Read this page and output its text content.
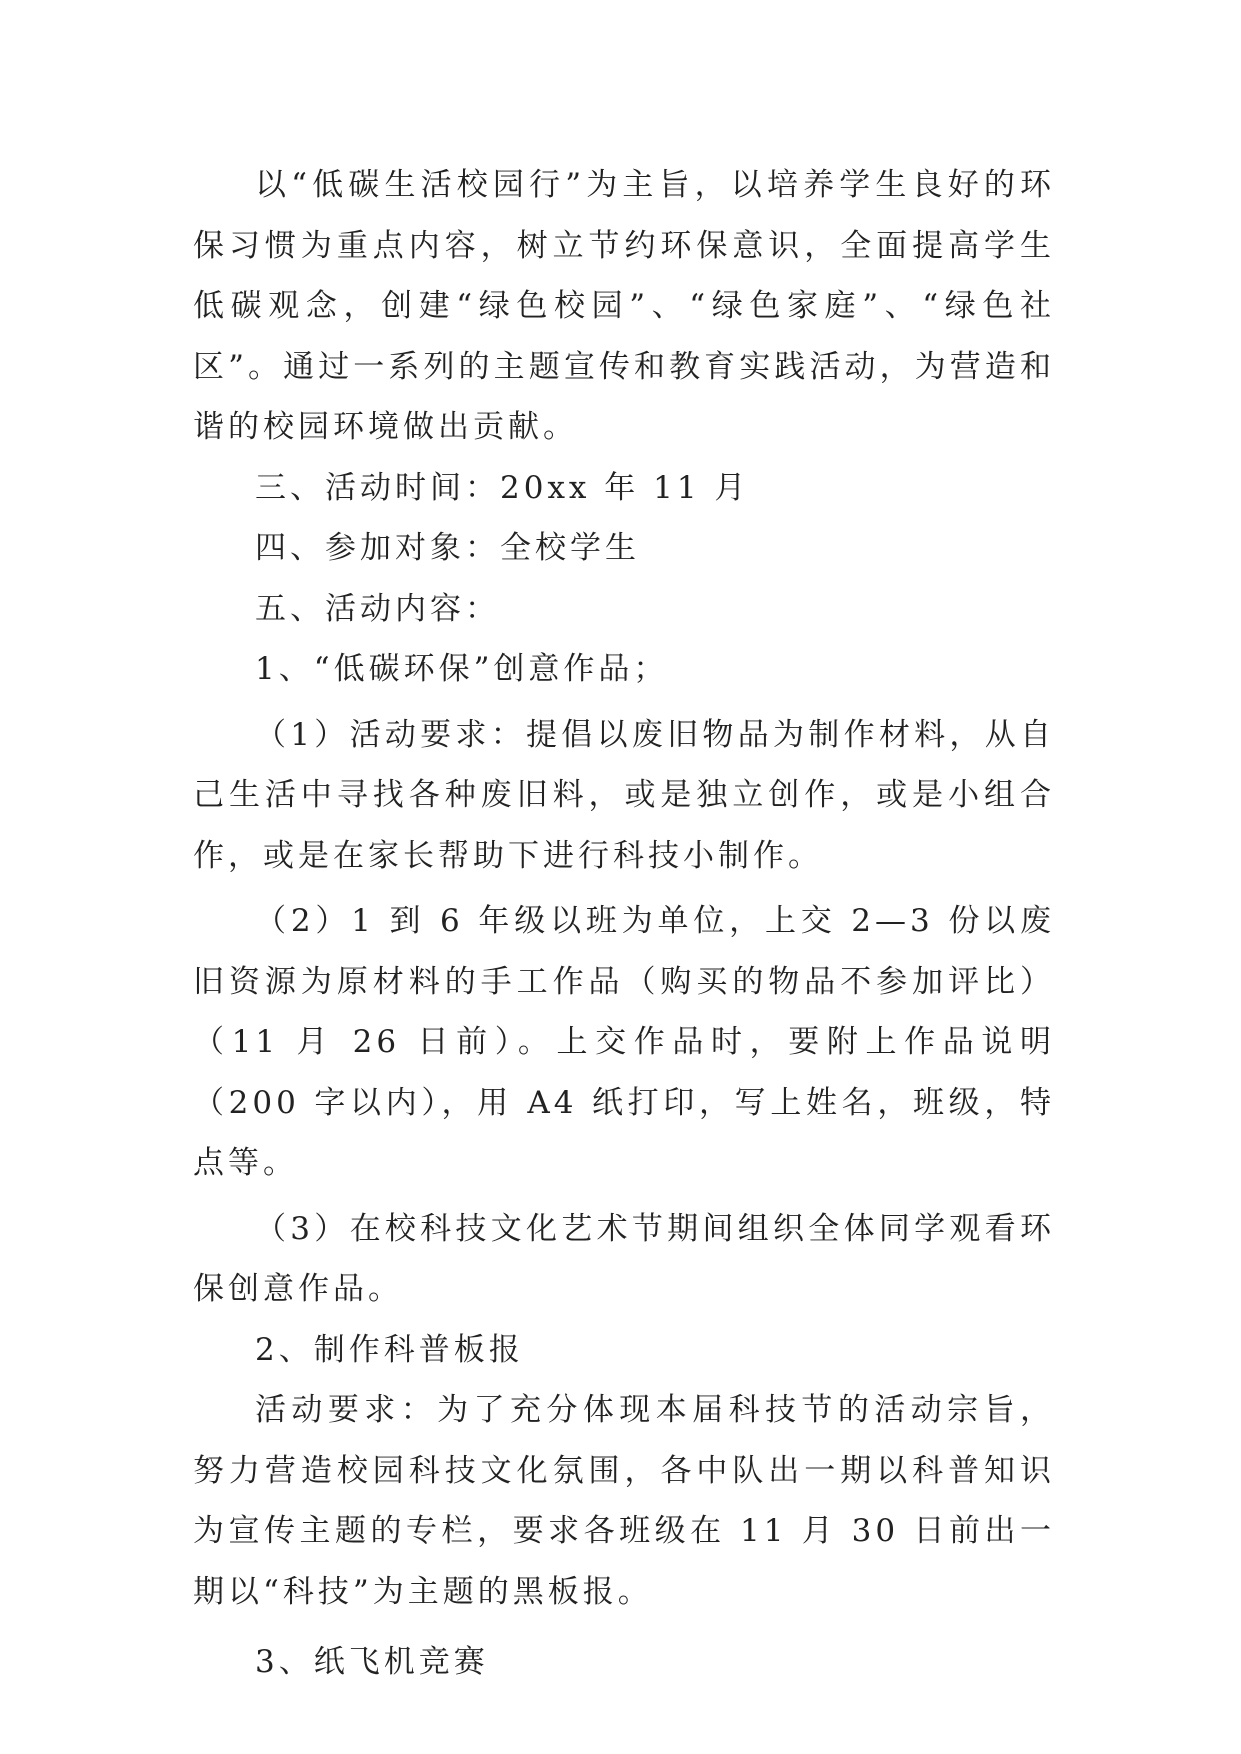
以“低碳生活校园行”为主旨，以培养学生良好的环保习惯为重点内容，树立节约环保意识，全面提高学生低碳观念，创建“绿色校园”、“绿色家庭”、“绿色社区”。通过一系列的主题宣传和教育实践活动，为营造和谐的校园环境做出贡献。

三、活动时间：20xx 年 11 月

四、参加对象：全校学生

五、活动内容：

1、“低碳环保”创意作品；

（1）活动要求：提倡以废旧物品为制作材料，从自己生活中寻找各种废旧料，或是独立创作，或是小组合作，或是在家长帮助下进行科技小制作。

（2）1 到 6 年级以班为单位，上交 2—3 份以废旧资源为原材料的手工作品（购买的物品不参加评比）（11 月 26 日前）。上交作品时，要附上作品说明（200 字以内），用 A4 纸打印，写上姓名，班级，特点等。

（3）在校科技文化艺术节期间组织全体同学观看环保创意作品。

2、制作科普板报

活动要求：为了充分体现本届科技节的活动宗旨，努力营造校园科技文化氛围，各中队出一期以科普知识为宣传主题的专栏，要求各班级在 11 月 30 日前出一期以“科技”为主题的黑板报。

3、纸飞机竞赛
